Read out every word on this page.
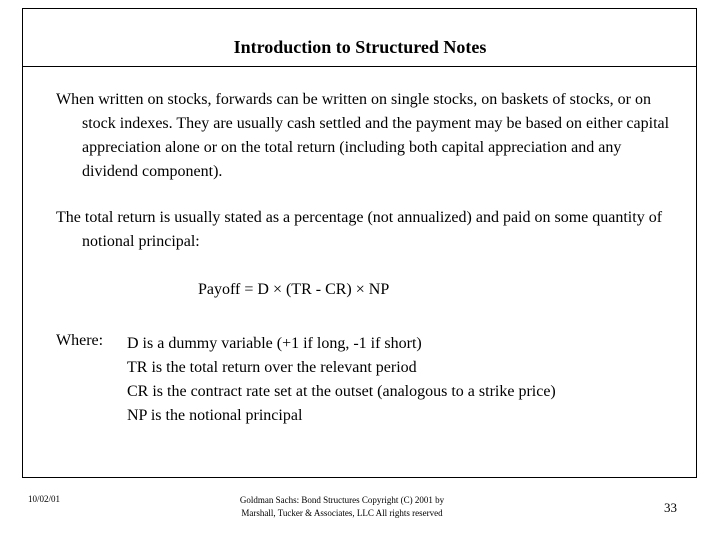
Introduction to Structured Notes
When written on stocks, forwards can be written on single stocks, on baskets of stocks, or on stock indexes. They are usually cash settled and the payment may be based on either capital appreciation alone or on the total return (including both capital appreciation and any dividend component).
The total return is usually stated as a percentage (not annualized) and paid on some quantity of notional principal:
Payoff = D × (TR - CR) × NP
Where: D is a dummy variable (+1 if long, -1 if short)
TR is the total return over the relevant period
CR is the contract rate set at the outset (analogous to a strike price)
NP is the notional principal
10/02/01	Goldman Sachs: Bond Structures Copyright (C) 2001 by Marshall, Tucker & Associates, LLC All rights reserved	33
